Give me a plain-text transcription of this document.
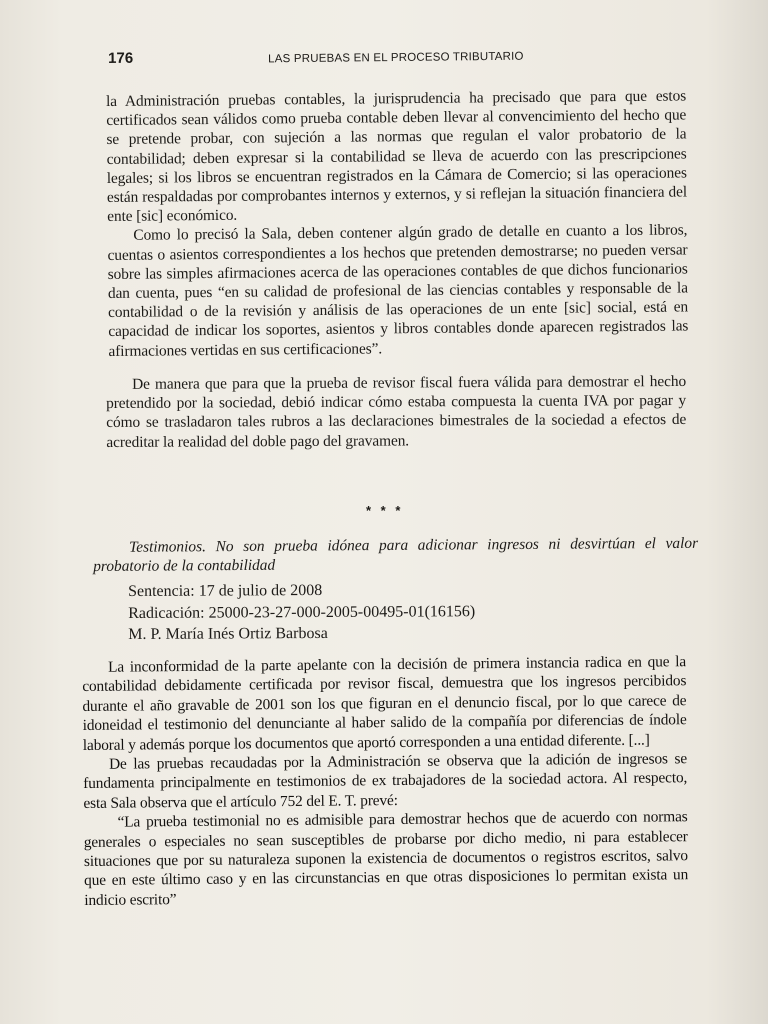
176	LAS PRUEBAS EN EL PROCESO TRIBUTARIO

la Administración pruebas contables, la jurisprudencia ha precisado que para que estos certificados sean válidos como prueba contable deben llevar al convencimiento del hecho que se pretende probar, con sujeción a las normas que regulan el valor probatorio de la contabilidad; deben expresar si la contabilidad se lleva de acuerdo con las prescripciones legales; si los libros se encuentran registrados en la Cámara de Comercio; si las operaciones están respaldadas por comprobantes internos y externos, y si reflejan la situación financiera del ente [sic] económico.

Como lo precisó la Sala, deben contener algún grado de detalle en cuanto a los libros, cuentas o asientos correspondientes a los hechos que pretenden demostrarse; no pueden versar sobre las simples afirmaciones acerca de las operaciones contables de que dichos funcionarios dan cuenta, pues “en su calidad de profesional de las ciencias contables y responsable de la contabilidad o de la revisión y análisis de las operaciones de un ente [sic] social, está en capacidad de indicar los soportes, asientos y libros contables donde aparecen registrados las afirmaciones vertidas en sus certificaciones”.

De manera que para que la prueba de revisor fiscal fuera válida para demostrar el hecho pretendido por la sociedad, debió indicar cómo estaba compuesta la cuenta IVA por pagar y cómo se trasladaron tales rubros a las declaraciones bimestrales de la sociedad a efectos de acreditar la realidad del doble pago del gravamen.

* * *

Testimonios. No son prueba idónea para adicionar ingresos ni desvirtúan el valor probatorio de la contabilidad

Sentencia: 17 de julio de 2008
Radicación: 25000-23-27-000-2005-00495-01(16156)
M. P. María Inés Ortiz Barbosa

La inconformidad de la parte apelante con la decisión de primera instancia radica en que la contabilidad debidamente certificada por revisor fiscal, demuestra que los ingresos percibidos durante el año gravable de 2001 son los que figuran en el denuncio fiscal, por lo que carece de idoneidad el testimonio del denunciante al haber salido de la compañía por diferencias de índole laboral y además porque los documentos que aportó corresponden a una entidad diferente. [...]

De las pruebas recaudadas por la Administración se observa que la adición de ingresos se fundamenta principalmente en testimonios de ex trabajadores de la sociedad actora. Al respecto, esta Sala observa que el artículo 752 del E. T. prevé:

“La prueba testimonial no es admisible para demostrar hechos que de acuerdo con normas generales o especiales no sean susceptibles de probarse por dicho medio, ni para establecer situaciones que por su naturaleza suponen la existencia de documentos o registros escritos, salvo que en este último caso y en las circunstancias en que otras disposiciones lo permitan exista un indicio escrito”
